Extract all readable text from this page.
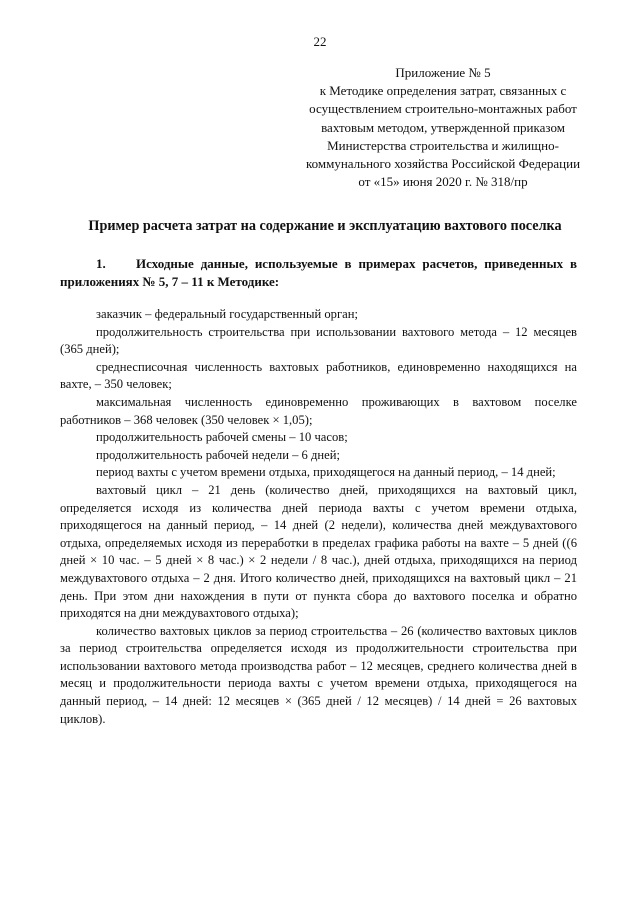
22
Приложение № 5
к Методике определения затрат, связанных с
осуществлением строительно-монтажных работ
вахтовым методом, утвержденной приказом
Министерства строительства и жилищно-
коммунального хозяйства Российской Федерации
от «15» июня 2020 г. № 318/пр
Пример расчета затрат на содержание и эксплуатацию вахтового поселка
1. Исходные данные, используемые в примерах расчетов, приведенных в приложениях № 5, 7 – 11 к Методике:

заказчик – федеральный государственный орган;

продолжительность строительства при использовании вахтового метода – 12 месяцев (365 дней);

среднесписочная численность вахтовых работников, единовременно находящихся на вахте, – 350 человек;

максимальная численность единовременно проживающих в вахтовом поселке работников – 368 человек (350 человек × 1,05);

продолжительность рабочей смены – 10 часов;

продолжительность рабочей недели – 6 дней;

период вахты с учетом времени отдыха, приходящегося на данный период, – 14 дней;

вахтовый цикл – 21 день (количество дней, приходящихся на вахтовый цикл, определяется исходя из количества дней периода вахты с учетом времени отдыха, приходящегося на данный период, – 14 дней (2 недели), количества дней междувахтового отдыха, определяемых исходя из переработки в пределах графика работы на вахте – 5 дней ((6 дней × 10 час. – 5 дней × 8 час.) × 2 недели / 8 час.), дней отдыха, приходящихся на период междувахтового отдыха – 2 дня. Итого количество дней, приходящихся на вахтовый цикл – 21 день. При этом дни нахождения в пути от пункта сбора до вахтового поселка и обратно приходятся на дни междувахтового отдыха);

количество вахтовых циклов за период строительства – 26 (количество вахтовых циклов за период строительства определяется исходя из продолжительности строительства при использовании вахтового метода производства работ – 12 месяцев, среднего количества дней в месяц и продолжительности периода вахты с учетом времени отдыха, приходящегося на данный период, – 14 дней: 12 месяцев × (365 дней / 12 месяцев) / 14 дней = 26 вахтовых циклов).
